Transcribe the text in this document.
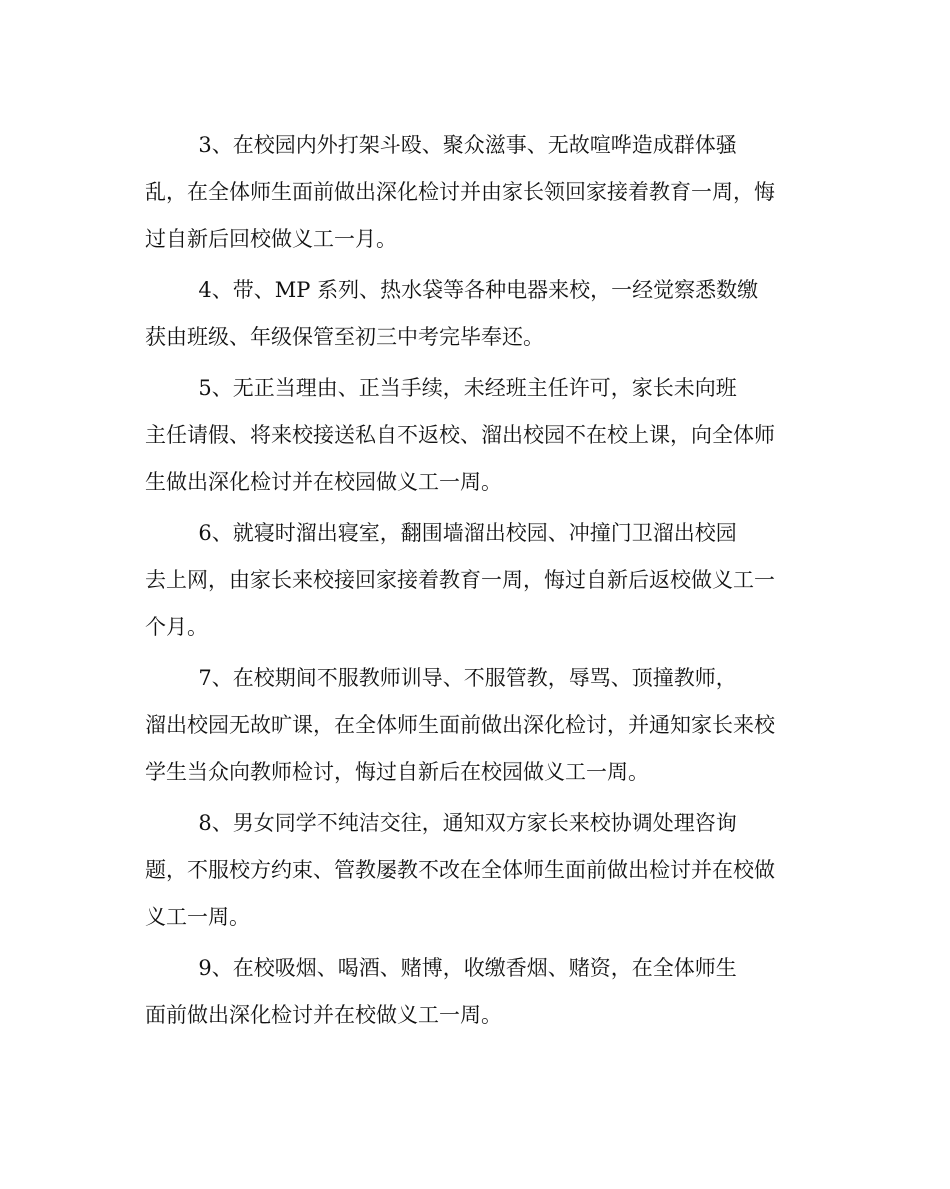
3、在校园内外打架斗殴、聚众滋事、无故喧哗造成群体骚
乱，在全体师生面前做出深化检讨并由家长领回家接着教育一周，悔
过自新后回校做义工一月。
4、带、MP 系列、热水袋等各种电器来校，一经觉察悉数缴
获由班级、年级保管至初三中考完毕奉还。
5、无正当理由、正当手续，未经班主任许可，家长未向班
主任请假、将来校接送私自不返校、溜出校园不在校上课，向全体师
生做出深化检讨并在校园做义工一周。
6、就寝时溜出寝室，翻围墙溜出校园、冲撞门卫溜出校园
去上网，由家长来校接回家接着教育一周，悔过自新后返校做义工一
个月。
7、在校期间不服教师训导、不服管教，辱骂、顶撞教师，
溜出校园无故旷课，在全体师生面前做出深化检讨，并通知家长来校
学生当众向教师检讨，悔过自新后在校园做义工一周。
8、男女同学不纯洁交往，通知双方家长来校协调处理咨询
题，不服校方约束、管教屡教不改在全体师生面前做出检讨并在校做
义工一周。
9、在校吸烟、喝酒、赌博，收缴香烟、赌资，在全体师生
面前做出深化检讨并在校做义工一周。
